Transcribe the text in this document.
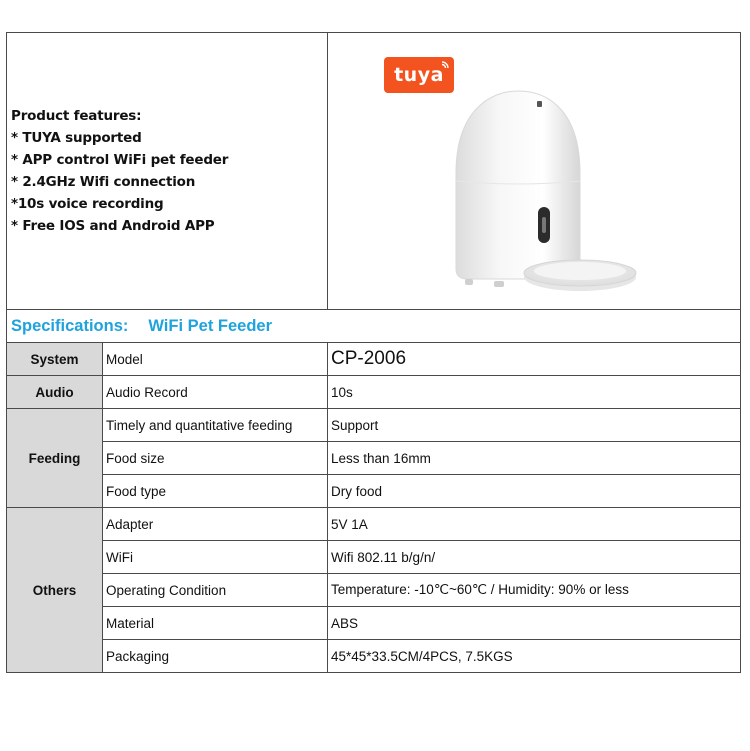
Product features:
* TUYA supported
* APP control WiFi pet feeder
* 2.4GHz Wifi connection
*10s voice recording
* Free IOS and Android APP

tuya

Specifications: WiFi Pet Feeder		
System	Model	CP-2006
Audio	Audio Record	10s
Feeding	Timely and quantitative feeding	Support
	Food size	Less than 16mm
	Food type	Dry food
Others	Adapter	5V 1A
	WiFi	Wifi 802.11 b/g/n/
	Operating Condition	Temperature: -10℃~60℃ / Humidity: 90% or less
	Material	ABS
	Packaging	45*45*33.5CM/4PCS, 7.5KGS
